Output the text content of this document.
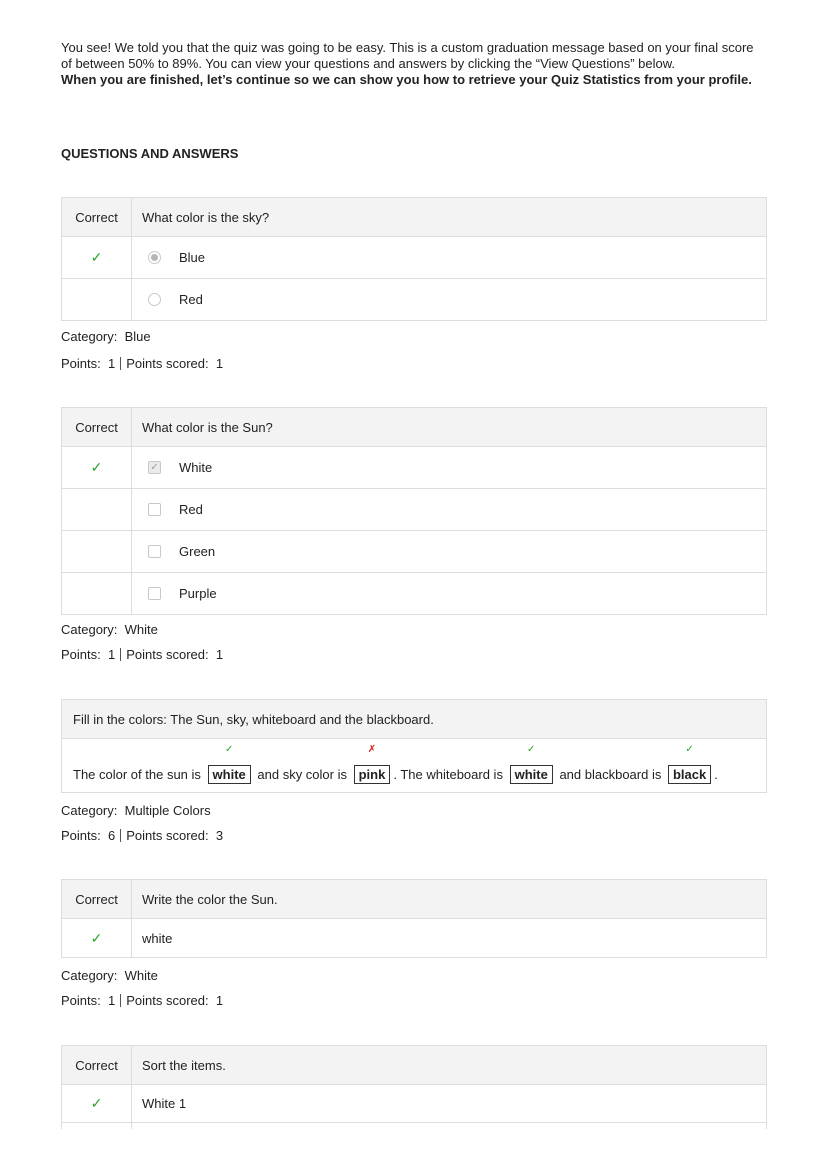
You see! We told you that the quiz was going to be easy. This is a custom graduation message based on your final score of between 50% to 89%. You can view your questions and answers by clicking the “View Questions” below.
When you are finished, let’s continue so we can show you how to retrieve your Quiz Statistics from your profile.
QUESTIONS AND ANSWERS
Correct	What color is the sky?
✓	Blue
Red
Category: Blue
Points: 1 Points scored: 1
Correct	What color is the Sun?
✓	✓ White
Red
Green
Purple
Category: White
Points: 1 Points scored: 1
Fill in the colors: The Sun, sky, whiteboard and the blackboard.
The color of the sun is
✓
white and sky color is
✗
pink . The whiteboard is
✓
white and blackboard is
✓
black .
Category: Multiple Colors
Points: 6 Points scored: 3
Correct	Write the color the Sun.
✓	white
Category: White
Points: 1 Points scored: 1
Correct	Sort the items.
✓	White 1
